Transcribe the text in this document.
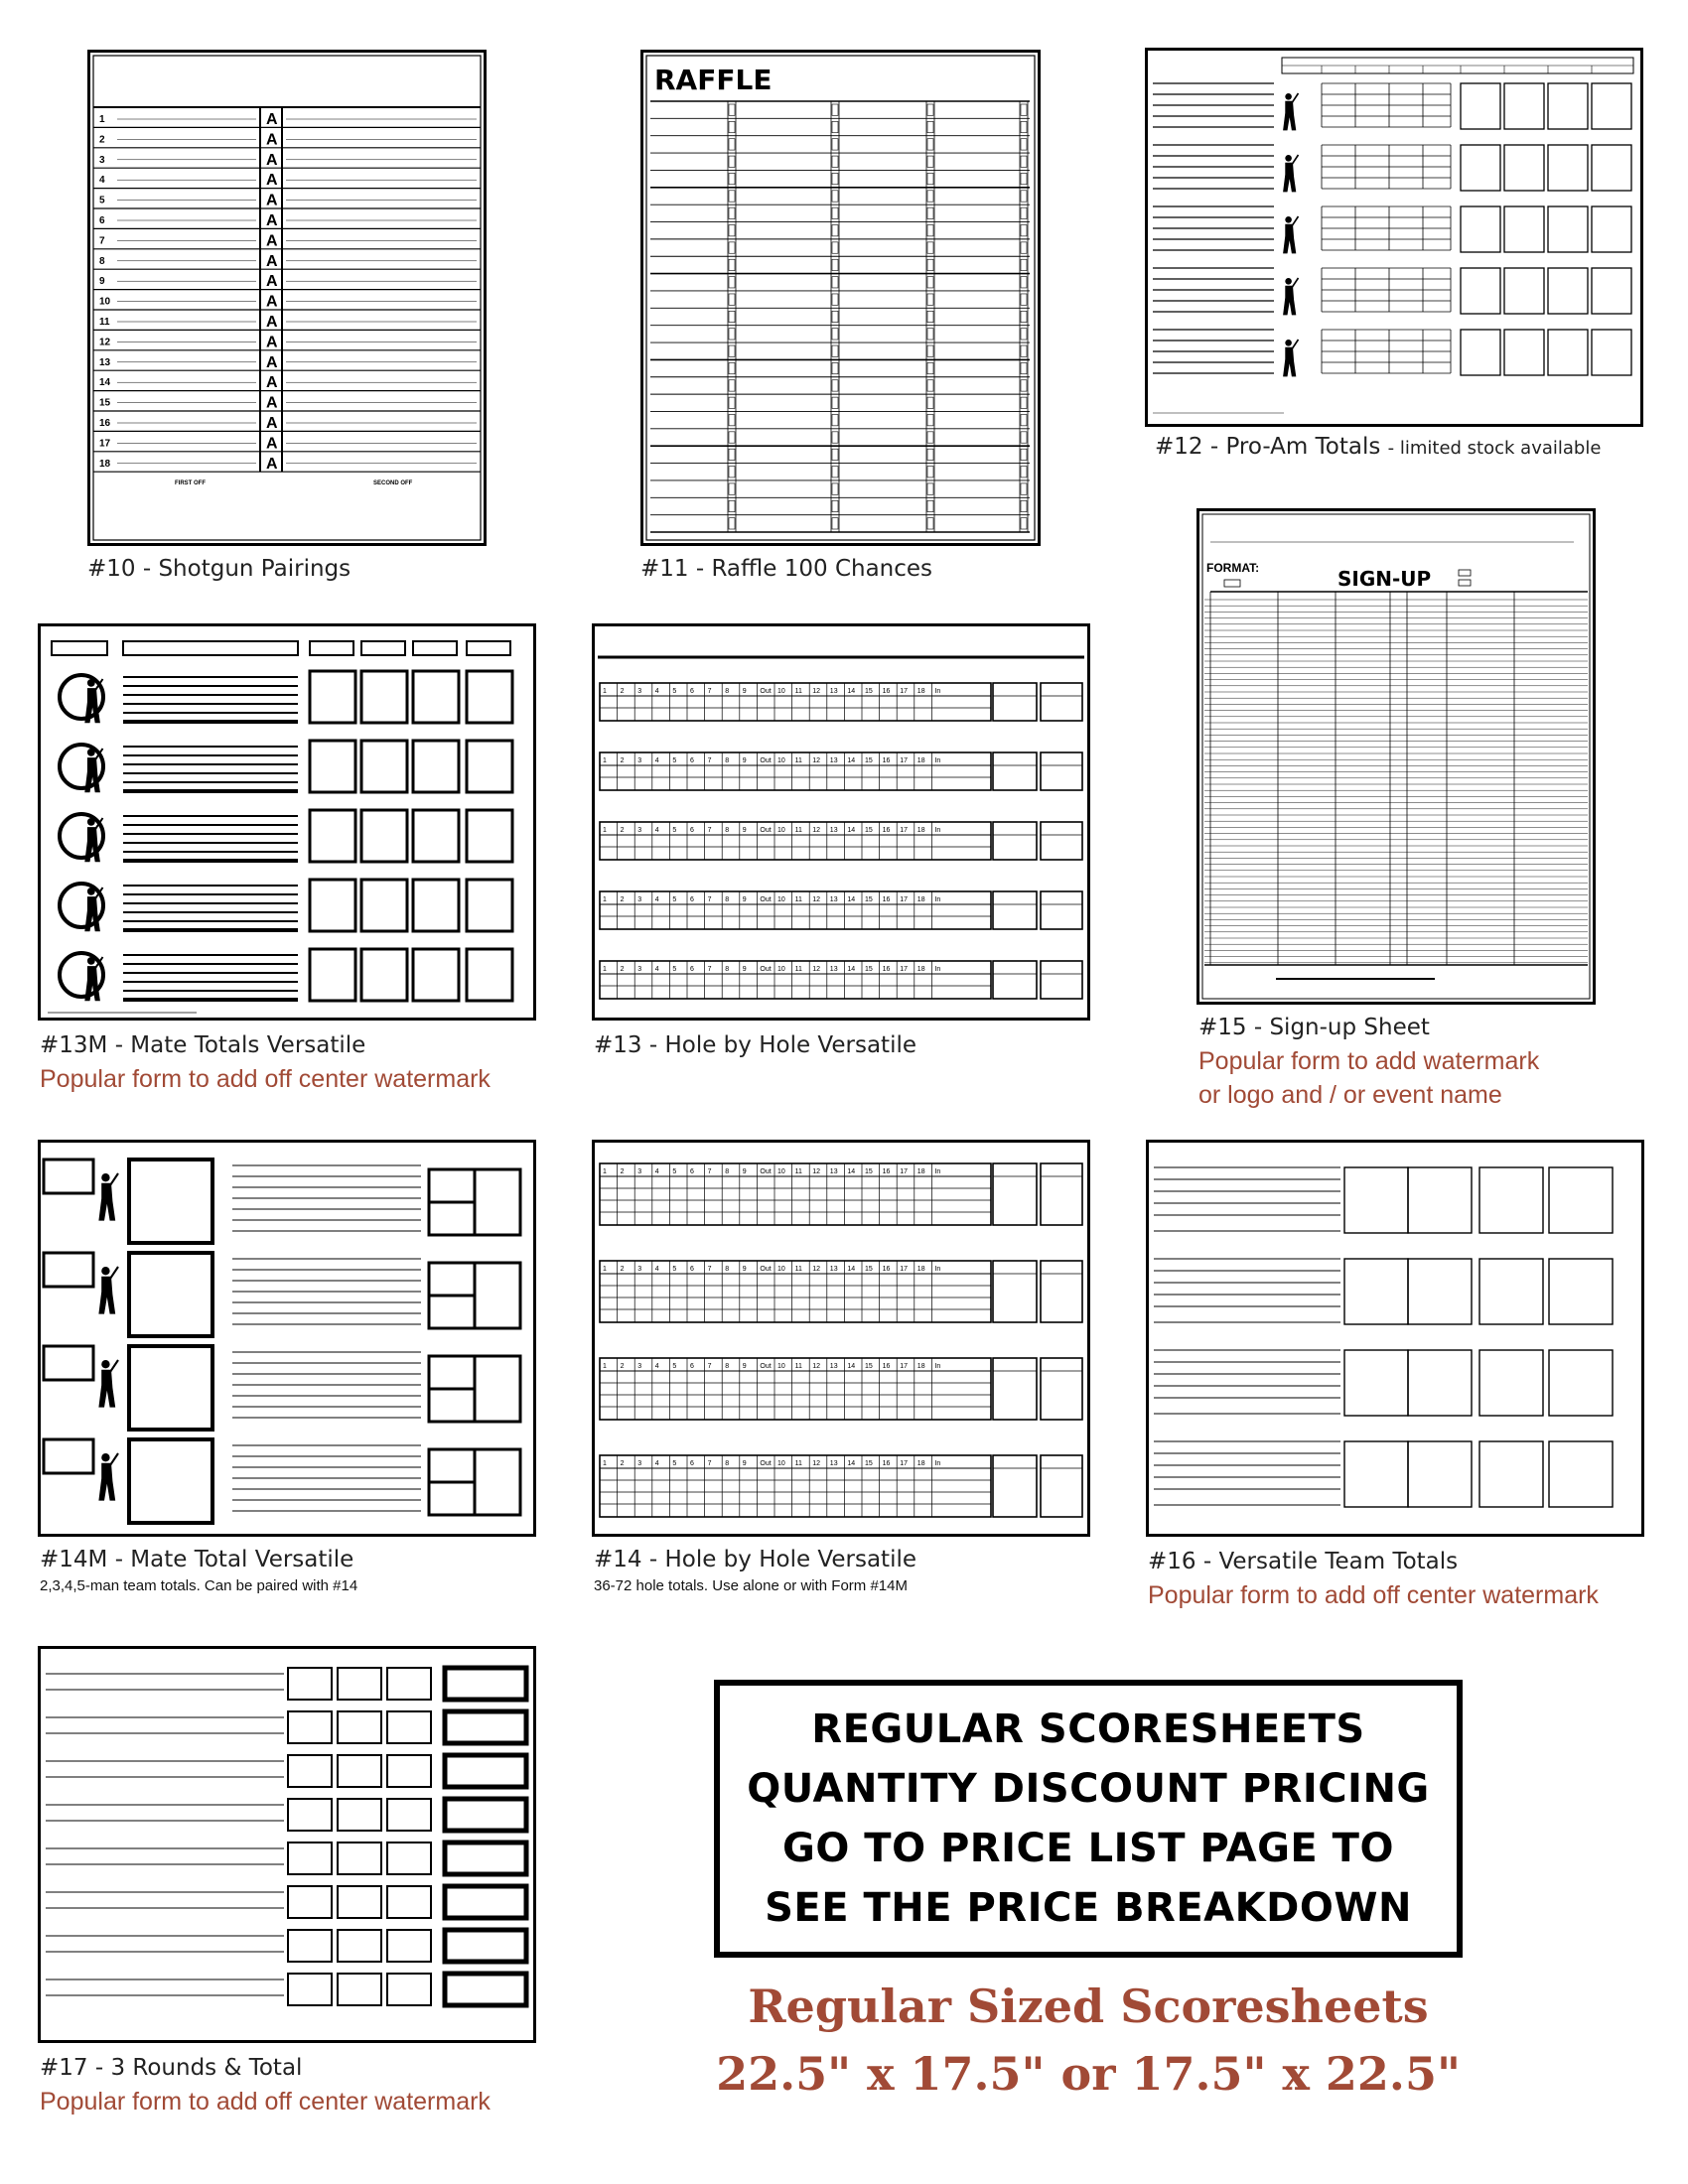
1	A
2	A
3	A
4	A
5	A
6	A
7	A
8	A
9	A
10	A
11	A
12	A
13	A
14	A
15	A
16	A
17	A
18	A
FIRST OFF	SECOND OFF
#10 - Shotgun Pairings
RAFFLE
#11 - Raffle 100 Chances
#12 - Pro-Am Totals - limited stock available
#13M - Mate Totals Versatile
Popular form to add off center watermark
1 2 3 4 5 6 7 8 9 Out 10 11 12 13 14 15 16 17 18 In
1 2 3 4 5 6 7 8 9 Out 10 11 12 13 14 15 16 17 18 In
1 2 3 4 5 6 7 8 9 Out 10 11 12 13 14 15 16 17 18 In
1 2 3 4 5 6 7 8 9 Out 10 11 12 13 14 15 16 17 18 In
1 2 3 4 5 6 7 8 9 Out 10 11 12 13 14 15 16 17 18 In
#13 - Hole by Hole Versatile
FORMAT:	SIGN-UP
#15 - Sign-up Sheet
Popular form to add watermark
or logo and / or event name
#14M - Mate Total Versatile
2,3,4,5-man team totals. Can be paired with #14
1 2 3 4 5 6 7 8 9 Out 10 11 12 13 14 15 16 17 18 In
1 2 3 4 5 6 7 8 9 Out 10 11 12 13 14 15 16 17 18 In
1 2 3 4 5 6 7 8 9 Out 10 11 12 13 14 15 16 17 18 In
1 2 3 4 5 6 7 8 9 Out 10 11 12 13 14 15 16 17 18 In
#14 - Hole by Hole Versatile
36-72 hole totals. Use alone or with Form #14M
#16 - Versatile Team Totals
Popular form to add off center watermark
#17 - 3 Rounds & Total
Popular form to add off center watermark
REGULAR SCORESHEETS
QUANTITY DISCOUNT PRICING
GO TO PRICE LIST PAGE TO
SEE THE PRICE BREAKDOWN
Regular Sized Scoresheets
22.5" x 17.5" or 17.5" x 22.5"
